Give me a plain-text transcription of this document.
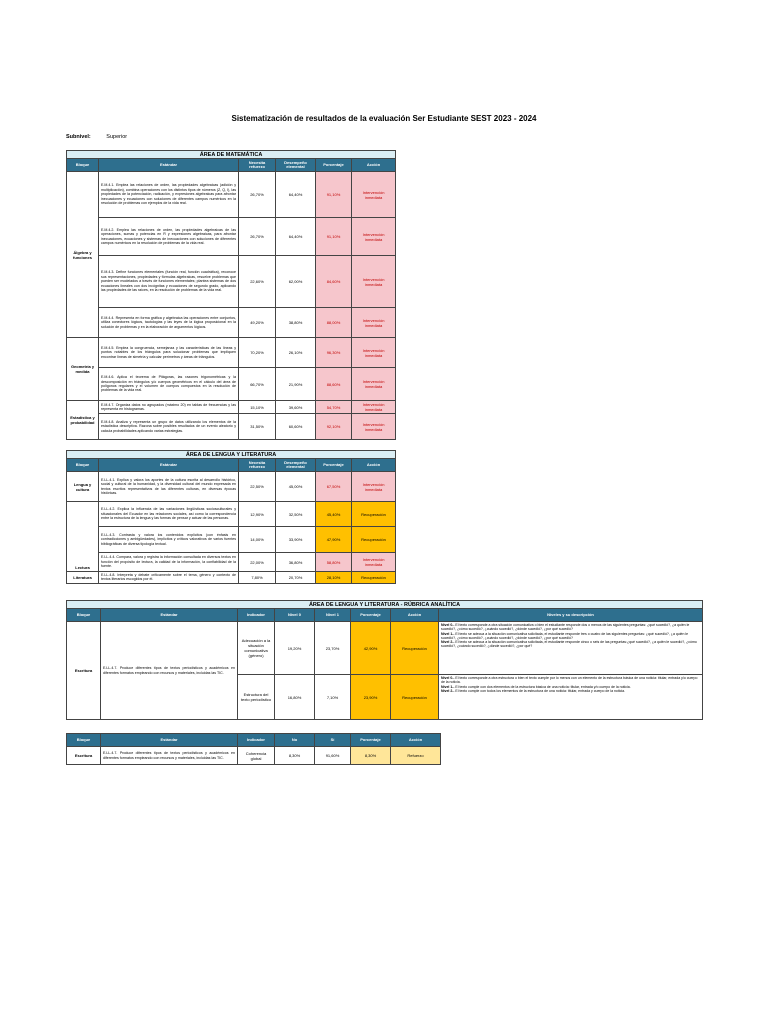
Sistematización de resultados de la evaluación Ser Estudiante SEST 2023 - 2024
Subnivel:	Superior
ÁREA DE MATEMÁTICA					
Bloque	Estándar	Necesita refuerzo	Desempeño elemental	Porcentaje	Acción
Álgebra y funciones	E.M.4.1. Emplea las relaciones de orden, las propiedades algebraicas (adición y multiplicación), combina operaciones con los distintos tipos de números (Z, Q, I), las propiedades de la potenciación, radicación, y expresiones algebraicas para afrontar inecuaciones y ecuaciones con soluciones de diferentes campos numéricos en la resolución de problemas con ejemplos de la vida real.	26,70%	64,40%	91,10%	Intervención inmediata
	E.M.4.2. Emplea las relaciones de orden, las propiedades algebraicas de las operaciones, sumas y potencias en R y expresiones algebraicas, para afrontar inecuaciones, ecuaciones y sistemas de inecuaciones con soluciones de diferentes campos numéricos en la resolución de problemas de la vida real.	26,70%	64,40%	91,10%	Intervención inmediata
	E.M.4.3. Define funciones elementales (función real, función cuadrática), reconoce sus representaciones, propiedades y fórmulas algebraicas, resuelve problemas que pueden ser modelados a través de funciones elementales; plantea sistemas de dos ecuaciones lineales con dos incógnitas y ecuaciones de segundo grado, aplicando las propiedades de las raíces, en la resolución de problemas de la vida real.	22,60%	62,00%	84,60%	Intervención inmediata
	E.M.4.4. Representa en forma gráfica y algebraica las operaciones entre conjuntos, utiliza conectores lógicos, tautologías y las leyes de la lógica proposicional en la solución de problemas y en la elaboración de argumentos lógicos.	49,20%	38,80%	88,00%	Intervención inmediata
Geometría y medida	E.M.4.5. Emplea la congruencia, semejanza y las características de las líneas y puntos notables de los triángulos para solucionar problemas que impliquen encontrar líneas de simetría y calcular perímetros y áreas de triángulos.	70,20%	26,10%	96,30%	Intervención inmediata
	E.M.4.6. Aplica el teorema de Pitágoras, las razones trigonométricas y la descomposición en triángulos y/o cuerpos geométricos en el cálculo del área de polígonos regulares y el volumen de cuerpos compuestos en la resolución de problemas de la vida real.	66,70%	21,90%	88,60%	Intervención inmediata
Estadística y probabilidad	E.M.4.7. Organiza datos no agrupados (máximo 20) en tablas de frecuencias y las representa en histogramas.	15,10%	39,60%	54,70%	Intervención inmediata
	E.M.4.8. Analiza y representa un grupo de datos utilizando los elementos de la estadística descriptiva. Razona sobre posibles resultados de un evento aleatorio y calcula probabilidades aplicando varias estrategias.	31,50%	60,60%	92,10%	Intervención inmediata
ÁREA DE LENGUA Y LITERATURA					
Bloque	Estándar	Necesita refuerzo	Desempeño elemental	Porcentaje	Acción
Lengua y cultura	E.LL.4.1. Explica y valora los aportes de la cultura escrita al desarrollo histórico, social y cultural de la humanidad, y la diversidad cultural del mundo expresada en textos escritos representativos de las diferentes culturas, en diversas épocas históricas.	22,50%	45,00%	67,50%	Intervención inmediata
Lectura	E.LL.4.2. Explica la influencia de las variaciones lingüísticas sociosculturales y situacionales del Ecuador en las relaciones sociales, así como la correspondencia entre la estructura de la lengua y las formas de pensar y actuar de las personas.	12,90%	32,50%	45,40%	Recuperación
	E.LL.4.3. Contrasta y valora los contenidos explícitos (con énfasis en contradicciones y ambigüedades), implícitos y críticos valorativos de varios fuentes bibliográficas de diversa tipología textual.	14,00%	33,90%	47,90%	Recuperación
	E.LL.4.4. Compara, valora y registra la información consultada en diversos textos en función del propósito de lectura, la calidad de la información, la confiabilidad de la fuente.	22,00%	36,80%	58,80%	Intervención inmediata
Literatura	E.LL.4.8. Interpreta y debate críticamente sobre el tema, género y contexto de textos literarios escogidos por él.	7,80%	20,70%	28,10%	Recuperación
ÁREA DE LENGUA Y LITERATURA - RÚBRICA ANALÍTICA							
Bloque	Estándar	Indicador	Nivel 0	Nivel 1	Porcentaje	Acción	Niveles y su descripción
Escritura	E.LL.4.7. Produce diferentes tipos de textos periodísticos y académicos en diferentes formatos empleando con recursos y materiales, incluidas las TIC.	Adecuación a la situación comunicativa (género)	19,20%	23,70%	42,90%	Recuperación	Nivel 0.- El texto corresponde a otra situación comunicativa o bien el estudiante responde dos o menos de las siguientes preguntas: ¿qué sucedió?, ¿a quién le sucedió?, ¿cómo sucedió?, ¿cuándo sucedió?, ¿dónde sucedió?, ¿por qué sucedió?
Nivel 1.- El texto se adecua a la situación comunicativa solicitada, el estudiante responde tres o cuatro de las siguientes preguntas: ¿qué sucedió?, ¿a quién le sucedió?, ¿cómo sucedió?, ¿cuándo sucedió?, ¿dónde sucedió?, ¿por qué sucedió?
Nivel 2.- El texto se adecua a la situación comunicativa solicitada, el estudiante responde cinco o seis de las preguntas:¿qué sucedió?, ¿a quién le sucedió?, ¿cómo sucedió?, ¿cuándo sucedió?, ¿dónde sucedió?, ¿por qué?

		Estructura del texto periodístico	16,80%	7,10%	23,90%	Recuperación	Nivel 0.- El texto corresponde a otra estructura o bien el texto cumple por lo menos con un elemento de la estructura básica de una noticia: titular, entrada y/o cuerpo de la noticia.
Nivel 1.- El texto cumple con dos elementos de la estructura básica de una noticia: titular, entrada y/o cuerpo de la noticia.
Nivel 2.- El texto cumple con todos los elementos de la estructura de una noticia: titular, entrada y cuerpo de la noticia.
Bloque	Estándar	Indicador	No	Sí	Porcentaje	Acción
Escritura	E.LL.4.7. Produce diferentes tipos de textos periodísticos y académicos en diferentes formatos empleando con recursos y materiales, incluidas las TIC.	Coherencia global	8,30%	91,60%	8,30%	Refuerzo
